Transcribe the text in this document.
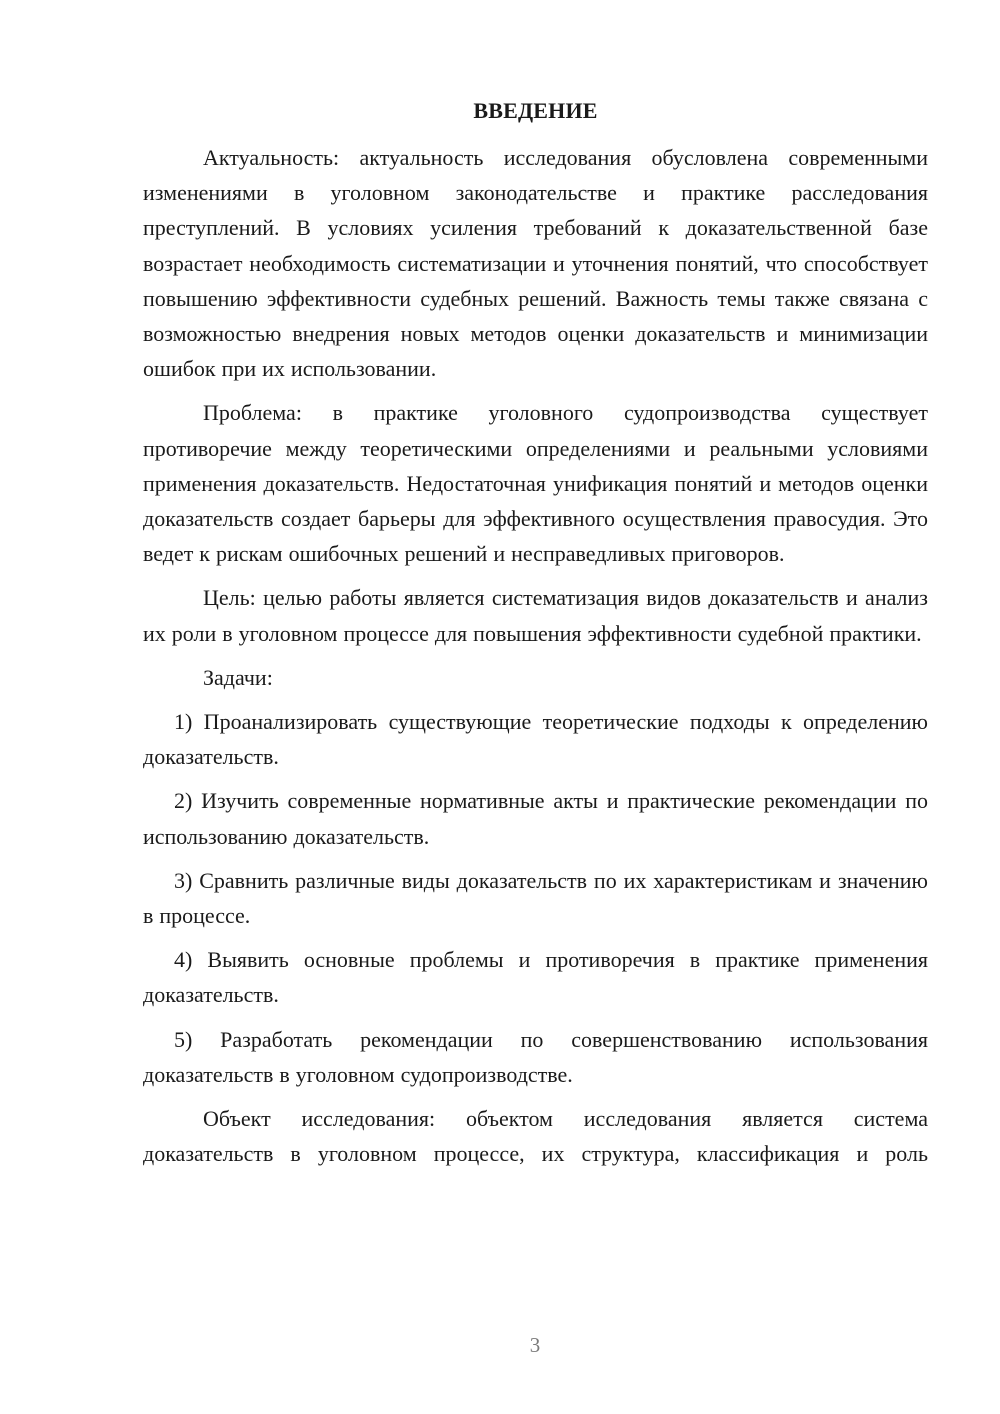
ВВЕДЕНИЕ

Актуальность: актуальность исследования обусловлена современными изменениями в уголовном законодательстве и практике расследования преступлений. В условиях усиления требований к доказательственной базе возрастает необходимость систематизации и уточнения понятий, что способствует повышению эффективности судебных решений. Важность темы также связана с возможностью внедрения новых методов оценки доказательств и минимизации ошибок при их использовании.

Проблема: в практике уголовного судопроизводства существует противоречие между теоретическими определениями и реальными условиями применения доказательств. Недостаточная унификация понятий и методов оценки доказательств создает барьеры для эффективного осуществления правосудия. Это ведет к рискам ошибочных решений и несправедливых приговоров.

Цель: целью работы является систематизация видов доказательств и анализ их роли в уголовном процессе для повышения эффективности судебной практики.

Задачи:

1) Проанализировать существующие теоретические подходы к определению доказательств.

2) Изучить современные нормативные акты и практические рекомендации по использованию доказательств.

3) Сравнить различные виды доказательств по их характеристикам и значению в процессе.

4) Выявить основные проблемы и противоречия в практике применения доказательств.

5) Разработать рекомендации по совершенствованию использования доказательств в уголовном судопроизводстве.

Объект исследования: объектом исследования является система доказательств в уголовном процессе, их структура, классификация и роль

3
